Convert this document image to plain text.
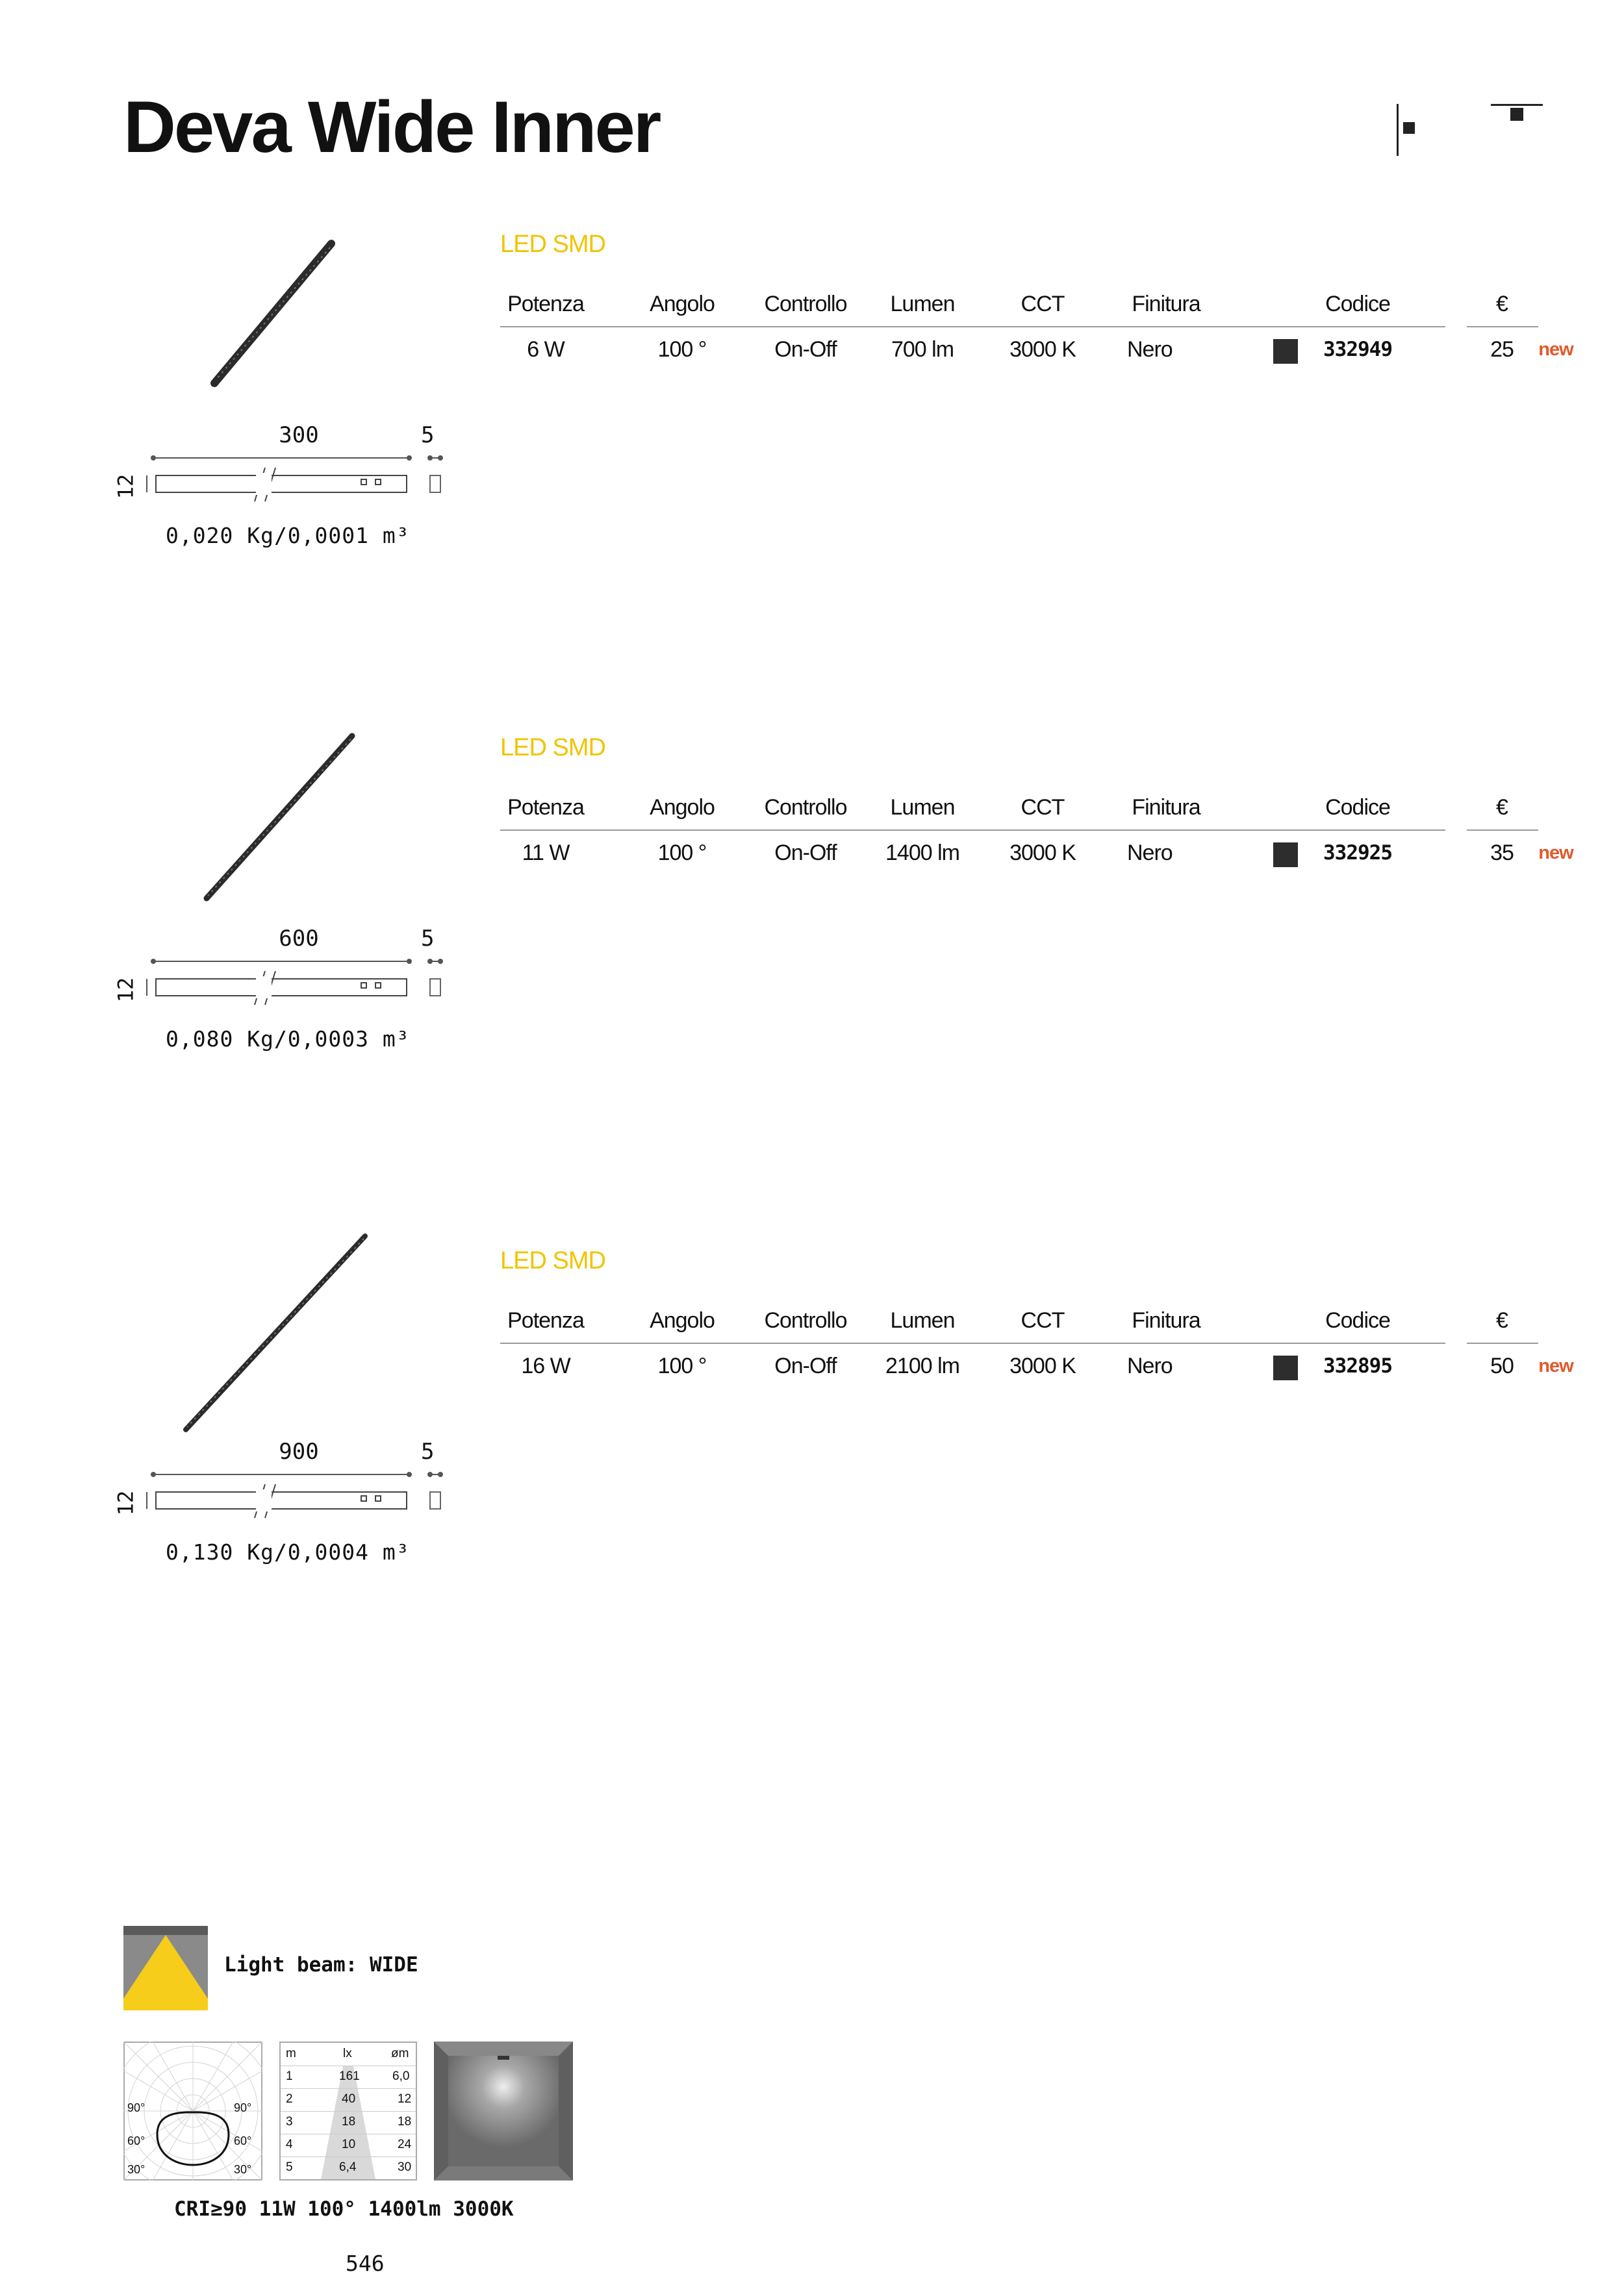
Deva Wide Inner
300	5
12
0,020 Kg/0,0001 m³
LED SMD
Potenza	Angolo	Controllo	Lumen	CCT	Finitura	Codice	€
6 W	100 °	On-Off	700 lm	3000 K Nero	332949	25	new
600	5
12
0,080 Kg/0,0003 m³
LED SMD
Potenza	Angolo	Controllo	Lumen	CCT	Finitura	Codice	€
11 W	100 °	On-Off	1400 lm	3000 K Nero	332925	35	new
900	5
12
0,130 Kg/0,0004 m³
LED SMD
Potenza	Angolo	Controllo	Lumen	CCT	Finitura	Codice	€
16 W	100 °	On-Off	2100 lm	3000 K Nero	332895	50	new
Light beam: WIDE
90°	90°
60°	60°
30°	30°
m	lx	øm
1	161	6,0
2	40	12
3	18	18
4	10	24
5	6,4	30
CRI≥90 11W 100° 1400lm 3000K
546
